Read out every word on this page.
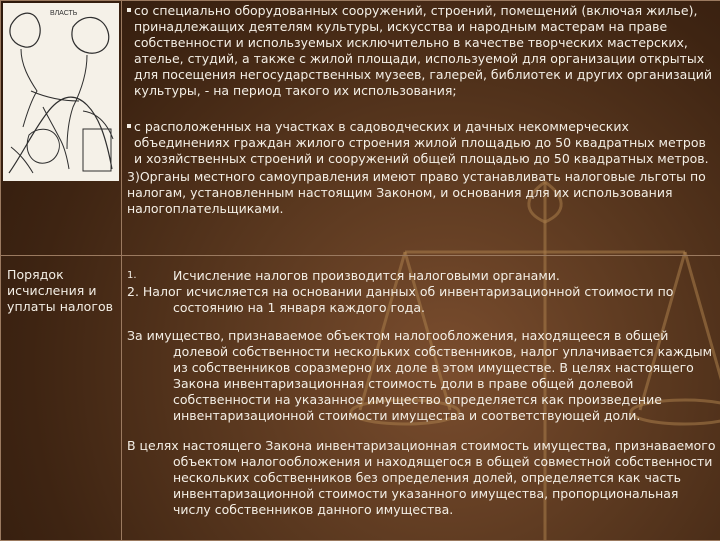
ВЛАСТЬ	со специально оборудованных сооружений, строений, помещений (включая жилье), принадлежащих деятелям культуры, искусства и народным мастерам на праве собственности и используемых исключительно в качестве творческих мастерских, ателье, студий, а также с жилой площади, используемой для организации открытых для посещения негосударственных музеев, галерей, библиотек и других организаций культуры, - на период такого их использования;

с расположенных на участках в садоводческих и дачных некоммерческих объединениях граждан жилого строения жилой площадью до 50 квадратных метров и хозяйственных строений и сооружений общей площадью до 50 квадратных метров.

3)Органы местного самоуправления имеют право устанавливать налоговые льготы по налогам, установленным настоящим Законом, и основания для их использования налогоплательщиками.

Порядок исчисления и уплаты налогов	1. Исчисление налогов производится налоговыми органами.

2. Налог исчисляется на основании данных об инвентаризационной стоимости по состоянию на 1 января каждого года.

За имущество, признаваемое объектом налогообложения, находящееся в общей долевой собственности нескольких собственников, налог уплачивается каждым из собственников соразмерно их доле в этом имуществе. В целях настоящего Закона инвентаризационная стоимость доли в праве общей долевой собственности на указанное имущество определяется как произведение инвентаризационной стоимости имущества и соответствующей доли.

В целях настоящего Закона инвентаризационная стоимость имущества, признаваемого объектом налогообложения и находящегося в общей совместной собственности нескольких собственников без определения долей, определяется как часть инвентаризационной стоимости указанного имущества, пропорциональная числу собственников данного имущества.
